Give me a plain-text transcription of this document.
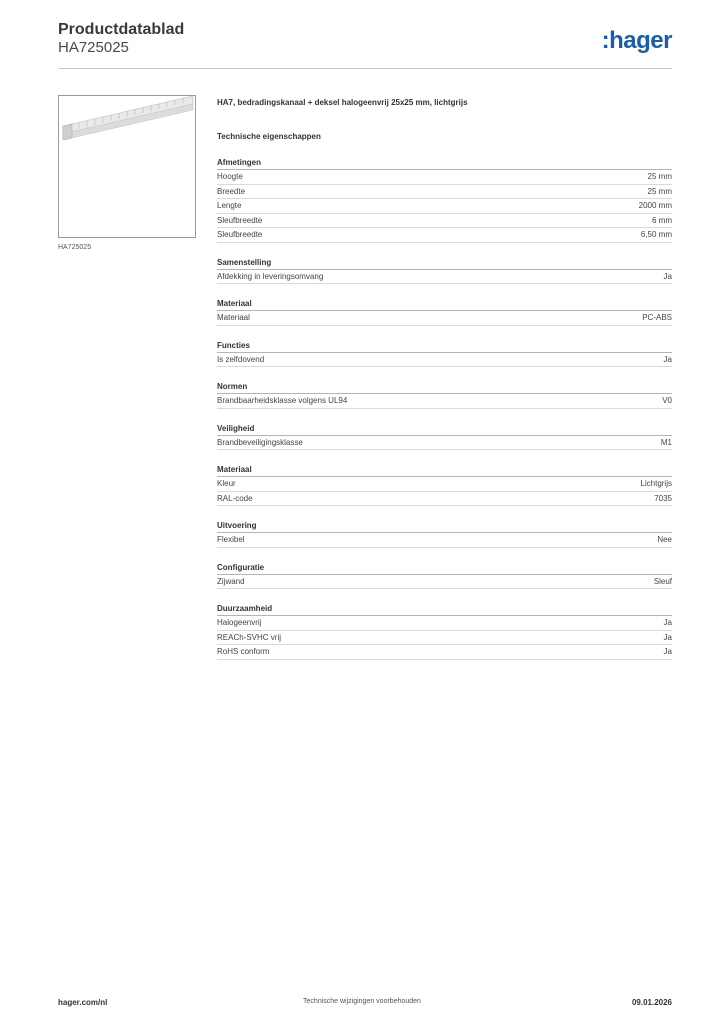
Productdatablad
HA725025	:hager
HA725025
HA7, bedradingskanaal + deksel halogeenvrij 25x25 mm, lichtgrijs
Technische eigenschappen
Afmetingen
Hoogte	25 mm
Breedte	25 mm
Lengte	2000 mm
Sleufbreedte	6 mm
Sleufbreedte	6,50 mm
Samenstelling
Afdekking in leveringsomvang	Ja
Materiaal
Materiaal	PC-ABS
Functies
Is zelfdovend	Ja
Normen
Brandbaarheidsklasse volgens UL94	V0
Veiligheid
Brandbeveiligingsklasse	M1
Materiaal
Kleur	Lichtgrijs
RAL-code	7035
Uitvoering
Flexibel	Nee
Configuratie
Zijwand	Sleuf
Duurzaamheid
Halogeenvrij	Ja
REACh-SVHC vrij	Ja
RoHS conform	Ja
hager.com/nl	Technische wijzigingen voorbehouden	09.01.2026
